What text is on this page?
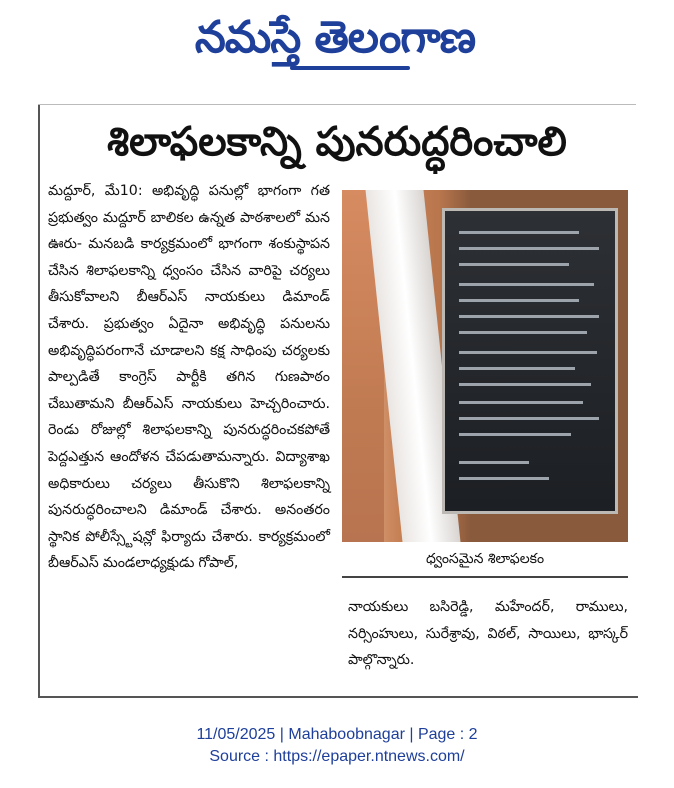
నమస్తే తెలంగాణ
శిలాఫలకాన్ని పునరుద్ధరించాలి

మద్దూర్, మే10: అభివృద్ధి పనుల్లో భాగంగా గత ప్రభుత్వం మద్దూర్ బాలికల ఉన్నత పాఠశాలలో మన ఊరు- మనబడి కార్యక్రమంలో భాగంగా శంకుస్థాపన చేసిన శిలాఫలకాన్ని ధ్వంసం చేసిన వారిపై చర్యలు తీసుకోవాలని బీఆర్ఎస్ నాయకులు డిమాండ్ చేశారు. ప్రభుత్వం ఏదైనా అభివృద్ధి పనులను అభివృద్ధిపరంగానే చూడాలని కక్ష సాధింపు చర్యలకు పాల్పడితే కాంగ్రెస్ పార్టీకి తగిన గుణపాఠం చేబుతామని బీఆర్ఎస్ నాయకులు హెచ్చరించారు. రెండు రోజుల్లో శిలాఫలకాన్ని పునరుద్ధరించకపోతే పెద్దఎత్తున ఆందోళన చేపడుతామన్నారు. విద్యాశాఖ అధికారులు చర్యలు తీసుకొని శిలాఫలకాన్ని పునరుద్ధరించాలని డిమాండ్ చేశారు. అనంతరం స్థానిక పోలీస్స్టేషన్లో ఫిర్యాదు చేశారు. కార్యక్రమంలో బీఆర్ఎస్ మండలాధ్యక్షుడు గోపాల్,	ధ్వంసమైన శిలాఫలకం

నాయకులు బసిరెడ్డి, మహేందర్, రాములు, నర్సింహులు, సురేశ్రావు, విఠల్, సాయిలు, భాస్కర్ పాల్గొన్నారు.

11/05/2025 | Mahaboobnagar | Page : 2
Source : https://epaper.ntnews.com/
